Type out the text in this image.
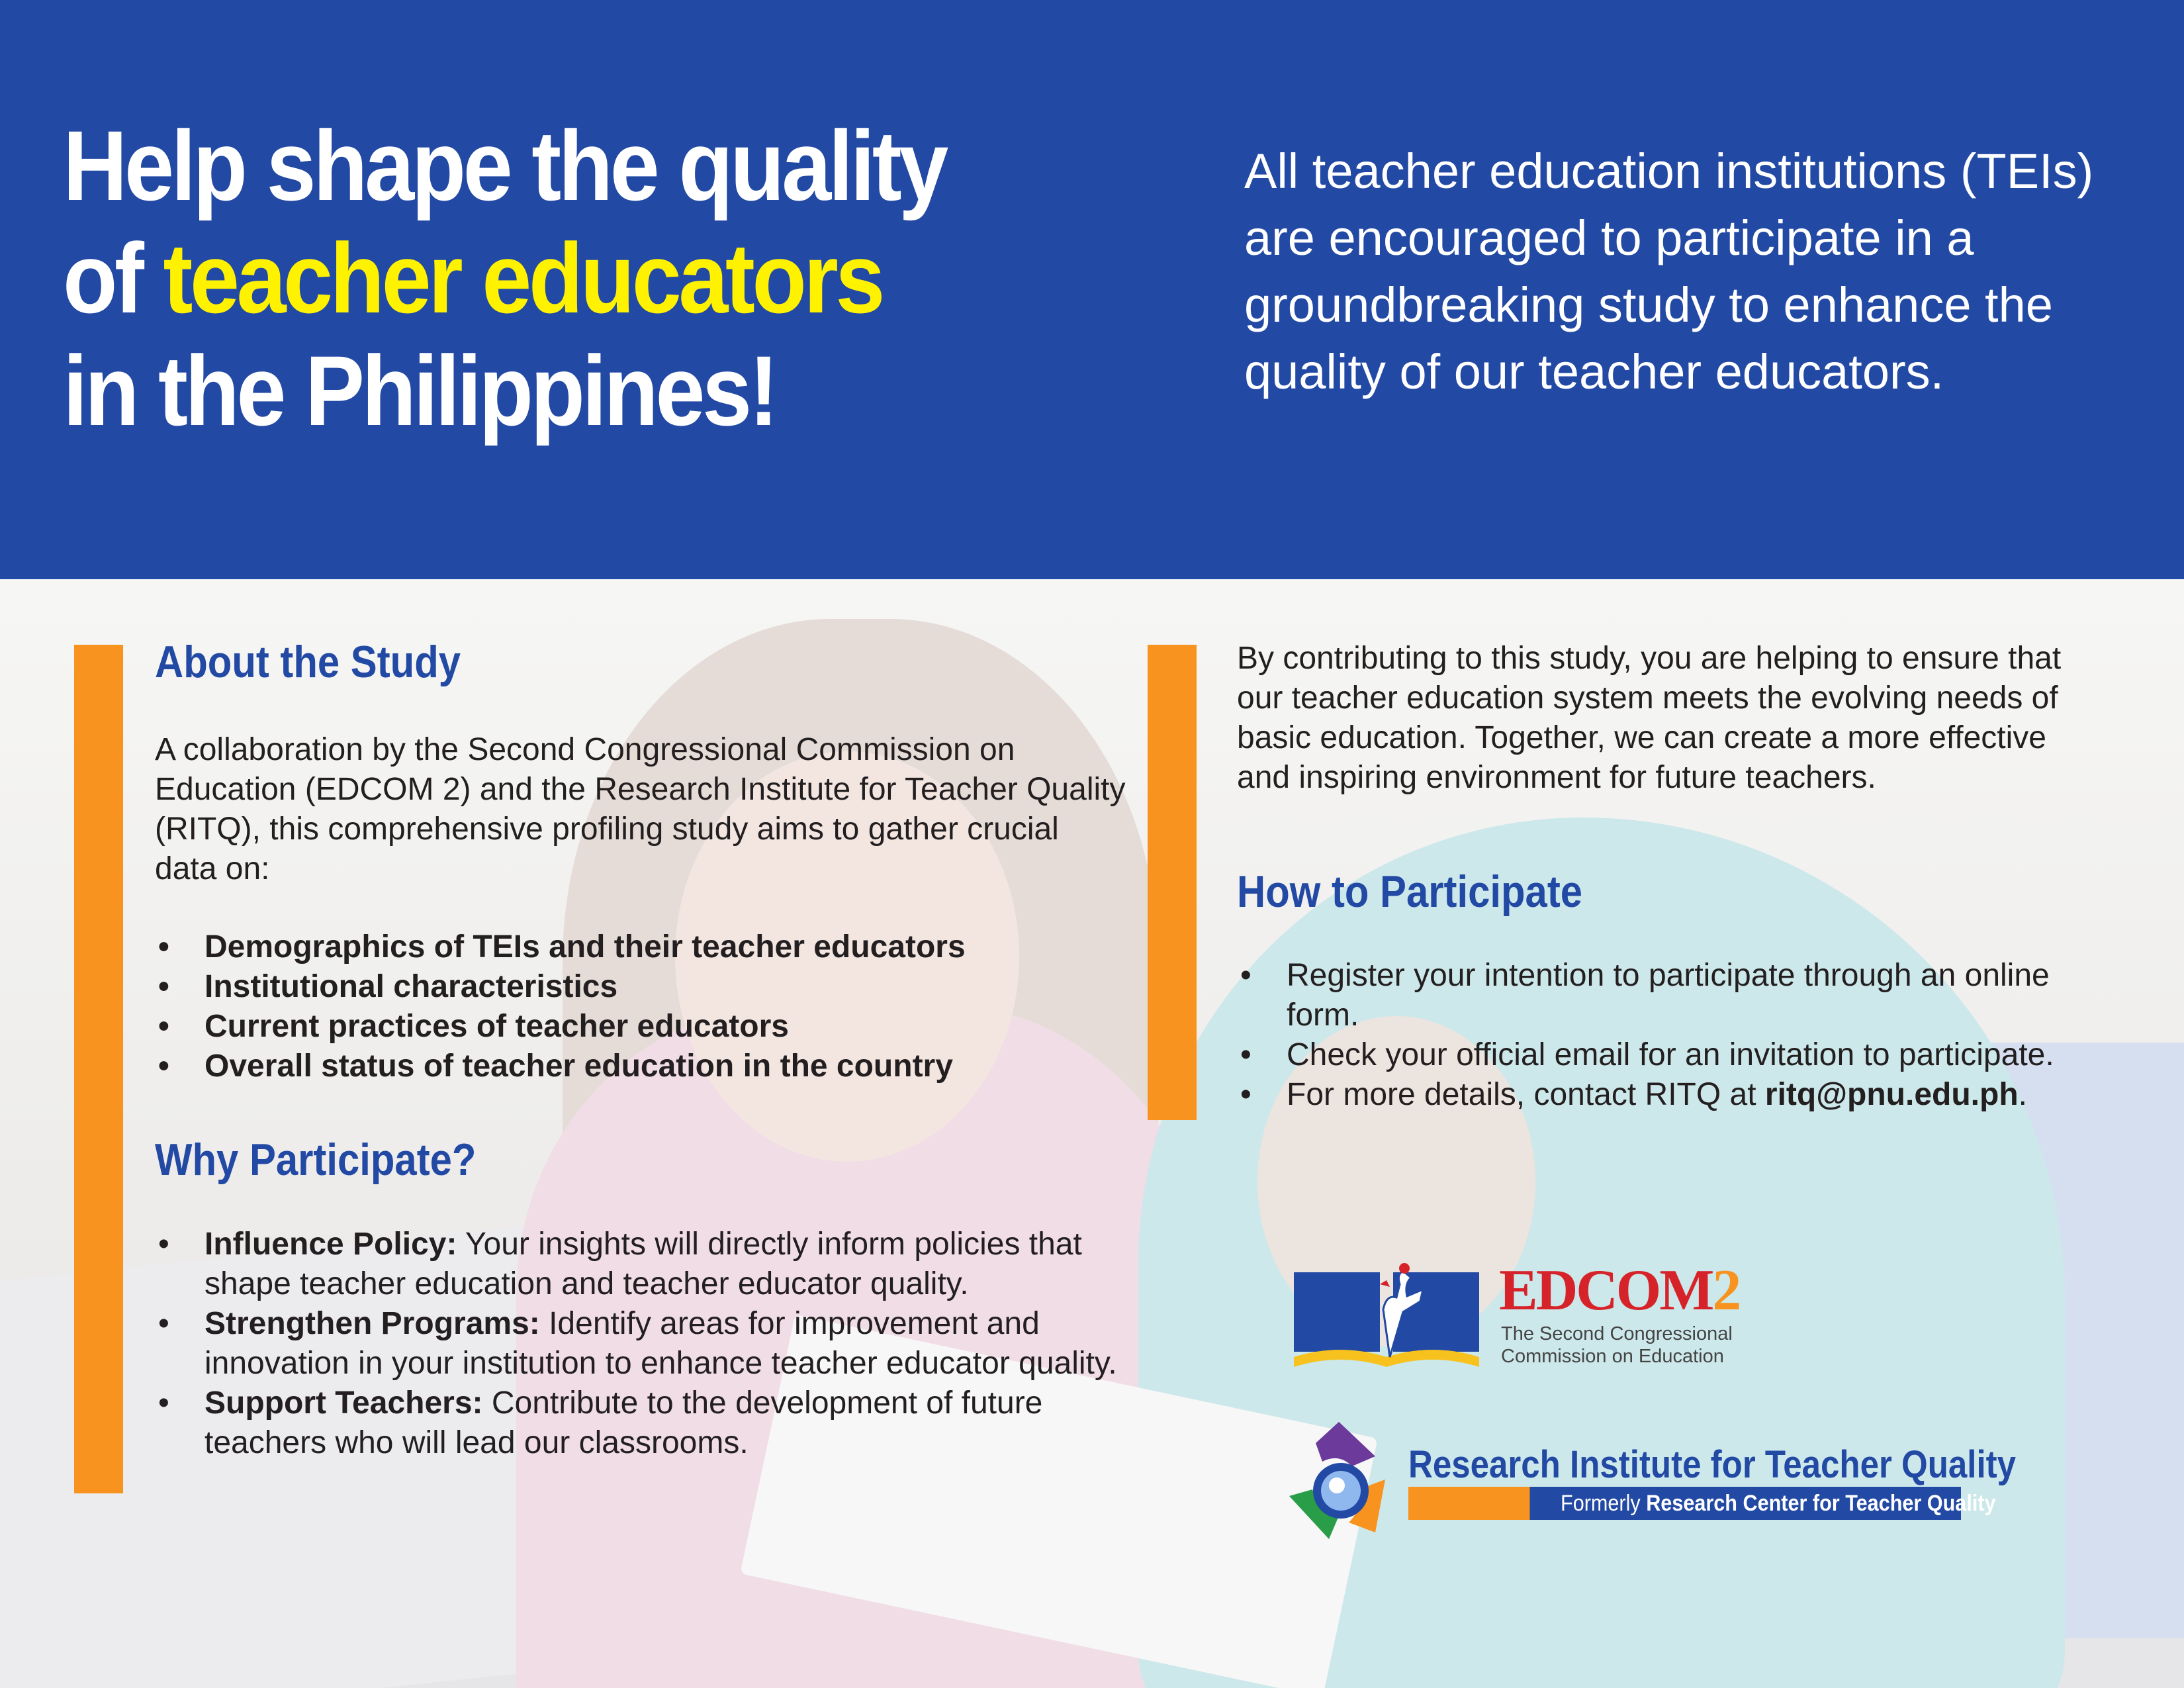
Help shape the quality
of teacher educators
in the Philippines!

All teacher education institutions (TEIs) are encouraged to participate in a groundbreaking study to enhance the quality of our teacher educators.

About the Study

A collaboration by the Second Congressional Commission on Education (EDCOM 2) and the Research Institute for Teacher Quality (RITQ), this comprehensive profiling study aims to gather crucial data on:

• Demographics of TEIs and their teacher educators
• Institutional characteristics
• Current practices of teacher educators
• Overall status of teacher education in the country
Why Participate?
• Influence Policy: Your insights will directly inform policies that shape teacher education and teacher educator quality.
• Strengthen Programs: Identify areas for improvement and innovation in your institution to enhance teacher educator quality.
• Support Teachers: Contribute to the development of future teachers who will lead our classrooms.

By contributing to this study, you are helping to ensure that our teacher education system meets the evolving needs of basic education. Together, we can create a more effective and inspiring environment for future teachers.

How to Participate
• Register your intention to participate through an online form.
• Check your official email for an invitation to participate.
• For more details, contact RITQ at ritq@pnu.edu.ph.

EDCOM2

The Second Congressional
Commission on Education

Research Institute for Teacher Quality

Formerly Research Center for Teacher Quality
